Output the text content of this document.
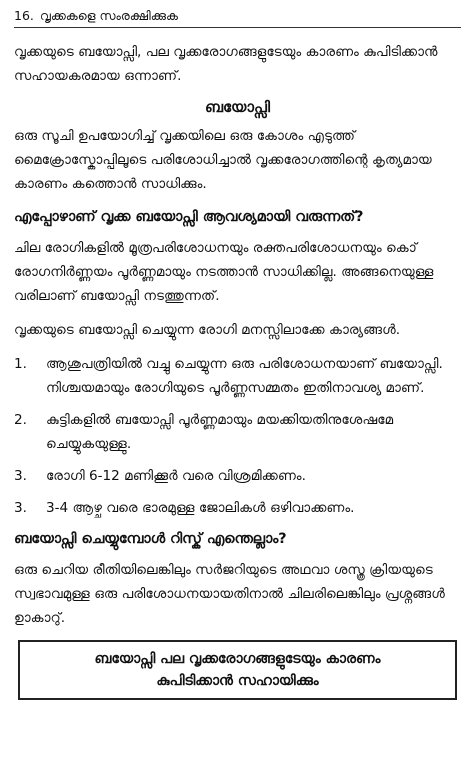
16. വൃക്കകളെ സംരക്ഷിക്കുക

വൃക്കയുടെ ബയോപ്സി, പല വൃക്കരോഗങ്ങളുടേയും കാരണം കുപിടിക്കാൻ സഹായകരമായ ഒന്നാണ്.

ബയോപ്സി

ഒരു സൂചി ഉപയോഗിച്ച് വൃക്കയിലെ ഒരു കോശം എടുത്ത് മൈക്രോസ്കോപ്പിലൂടെ പരിശോധിച്ചാൽ വൃക്കരോഗത്തിന്റെ കൃത്യമായ കാരണം കത്തൊൻ സാധിക്കും.

എപ്പോഴാണ് വൃക്ക ബയോപ്സി ആവശ്യമായി വരുന്നത്?

ചില രോഗികളിൽ മൂത്രപരിശോധനയും രക്തപരിശോധനയും കൊ് രോഗനിർണ്ണയം പൂർണ്ണമായും നടത്താൻ സാധിക്കില്ല. അങ്ങനെയുള്ള വരിലാണ് ബയോപ്സി നടത്തുന്നത്.

വൃക്കയുടെ ബയോപ്സി ചെയ്യുന്ന രോഗി മനസ്സിലാക്കേ കാര്യങ്ങൾ.

1.	ആശുപത്രിയിൽ വച്ചു ചെയ്യുന്ന ഒരു പരിശോധനയാണ് ബയോപ്സി. നിശ്ചയമായും രോഗിയുടെ പൂർണ്ണസമ്മതം ഇതിനാവശ്യ മാണ്.
2.	കുട്ടികളിൽ ബയോപ്സി പൂർണ്ണമായും മയക്കിയതിനുശേഷമേ ചെയ്യുകയുള്ളു.
3.	രോഗി 6-12 മണിക്കൂർ വരെ വിശ്രമിക്കണം.
3.	3-4 ആഴ്ച വരെ ഭാരമുള്ള ജോലികൾ ഒഴിവാക്കണം.
ബയോപ്സി ചെയ്യുമ്പോൾ റിസ്ക് എന്തെല്ലാം?

ഒരു ചെറിയ രീതിയിലെങ്കിലും സർജറിയുടെ അഥവാ ശസ്ത്ര ക്രിയയുടെ സ്വഭാവമുള്ള ഒരു പരിശോധനയായതിനാൽ ചിലരിലെങ്കിലും പ്രശ്നങ്ങൾ ഉാകാറു്.

ബയോപ്സി പല വൃക്കരോഗങ്ങളുടേയും കാരണം
കുപിടിക്കാൻ സഹായിക്കും
